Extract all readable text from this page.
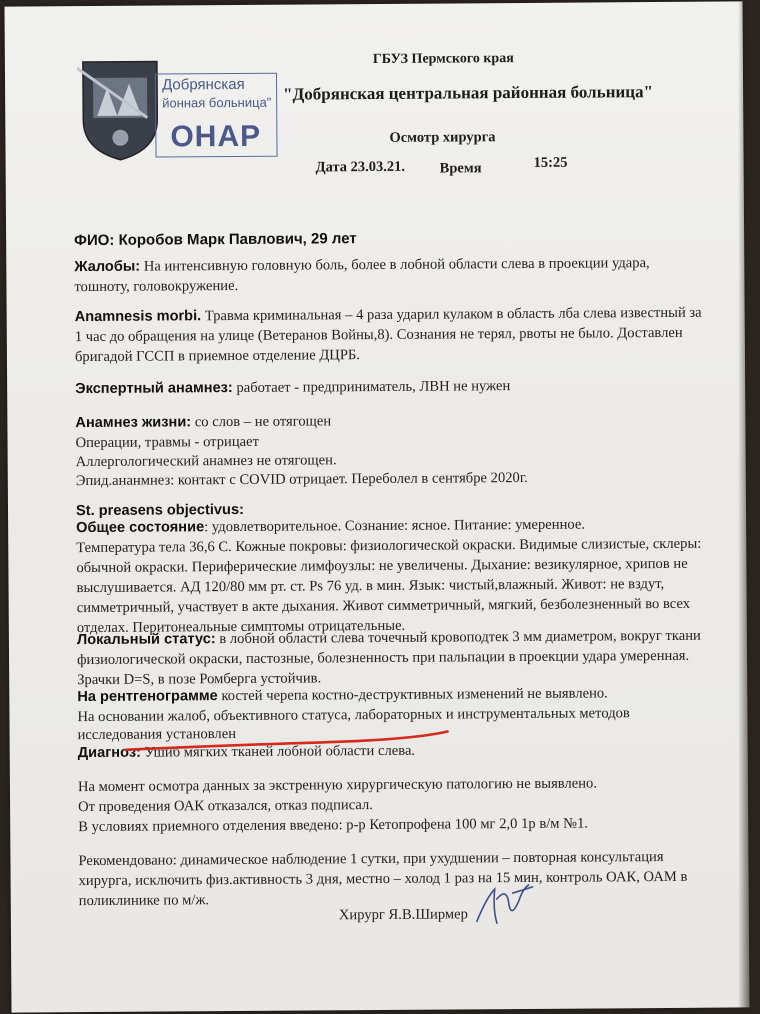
Добрянская
йонная больница"
ОНАР
ГБУЗ Пермского края
"Добрянская центральная районная больница"
Осмотр хирурга
Дата 23.03.21. Время	15:25
ФИО: Коробов Марк Павлович, 29 лет
Жалобы: На интенсивную головную боль, более в лобной области слева в проекции удара,
тошноту, головокружение.
Anamnesis morbi. Травма криминальная – 4 раза ударил кулаком в область лба слева известный за
1 час до обращения на улице (Ветеранов Войны,8). Сознания не терял, рвоты не было. Доставлен
бригадой ГССП в приемное отделение ДЦРБ.
Экспертный анамнез: работает - предприниматель, ЛВН не нужен
Анамнез жизни: со слов – не отягощен
Операции, травмы - отрицает
Аллергологический анамнез не отягощен.
Эпид.ананмнез: контакт с COVID отрицает. Переболел в сентябре 2020г.
St. preasens objectivus:
Общее состояние: удовлетворительное. Сознание: ясное. Питание: умеренное.
Температура тела 36,6 С. Кожные покровы: физиологической окраски. Видимые слизистые, склеры:
обычной окраски. Периферические лимфоузлы: не увеличены. Дыхание: везикулярное, хрипов не
выслушивается. АД 120/80 мм рт. ст. Ps 76 уд. в мин. Язык: чистый,влажный. Живот: не вздут,
симметричный, участвует в акте дыхания. Живот симметричный, мягкий, безболезненный во всех
отделах. Перитонеальные симптомы отрицательные.
Локальный статус: в лобной области слева точечный кровоподтек 3 мм диаметром, вокруг ткани
физиологической окраски, пастозные, болезненность при пальпации в проекции удара умеренная.
Зрачки D=S, в позе Ромберга устойчив.
На рентгенограмме костей черепа костно-деструктивных изменений не выявлено.
На основании жалоб, объективного статуса, лабораторных и инструментальных методов
исследования установлен
Диагноз: Ушиб мягких тканей лобной области слева.
На момент осмотра данных за экстренную хирургическую патологию не выявлено.
От проведения ОАК отказался, отказ подписал.
В условиях приемного отделения введено: р-р Кетопрофена 100 мг 2,0 1р в/м №1.
Рекомендовано: динамическое наблюдение 1 сутки, при ухудшении – повторная консультация
хирурга, исключить физ.активность 3 дня, местно – холод 1 раз на 15 мин, контроль ОАК, ОАМ в
поликлинике по м/ж.
Хирург Я.В.Ширмер
